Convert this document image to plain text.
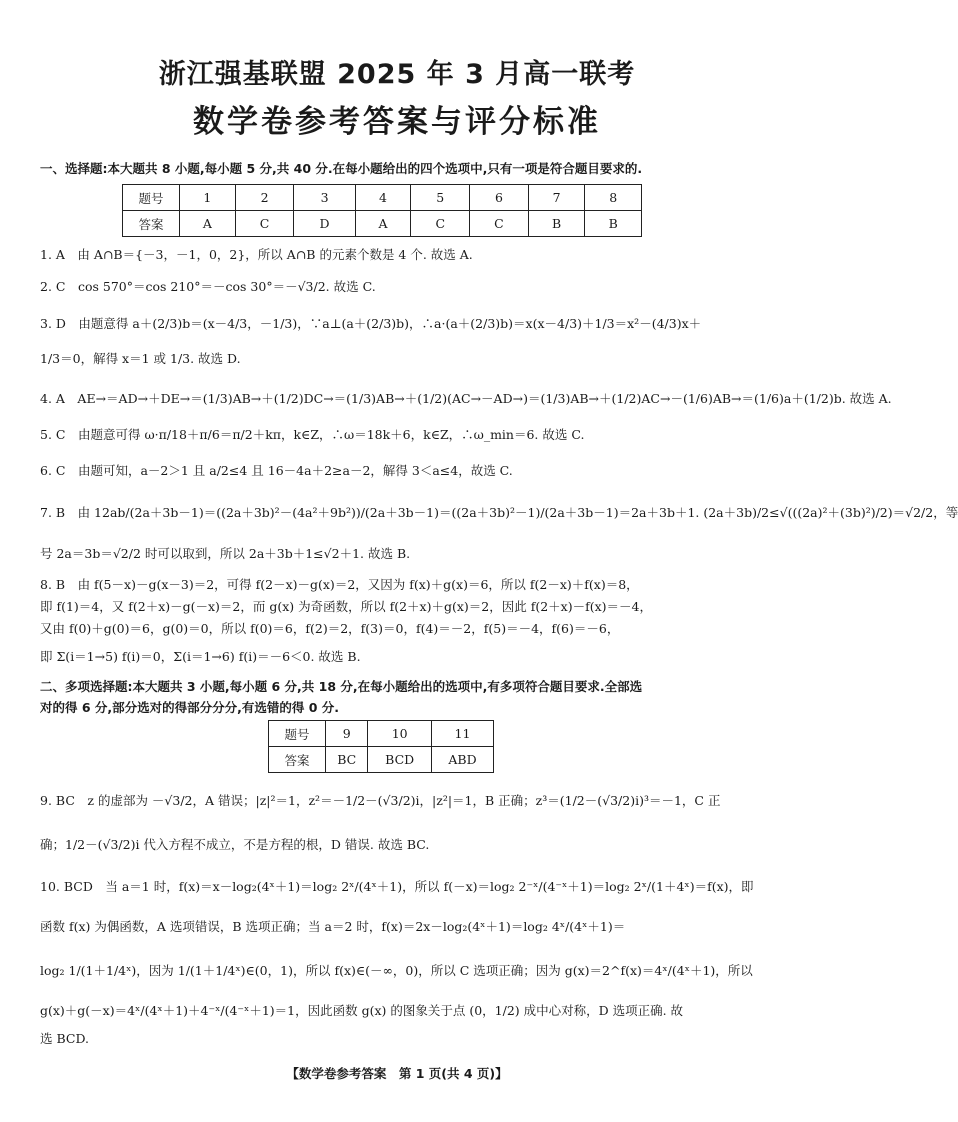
浙江强基联盟 2025 年 3 月高一联考
数学卷参考答案与评分标准
一、选择题:本大题共 8 小题,每小题 5 分,共 40 分.在每小题给出的四个选项中,只有一项是符合题目要求的.
题号	1	2	3	4	5	6	7	8
答案	A	C	D	A	C	C	B	B
1. A　由 A∩B＝{－3，－1，0，2}，所以 A∩B 的元素个数是 4 个. 故选 A.
2. C　cos 570°＝cos 210°＝－cos 30°＝－√3/2. 故选 C.
3. D　由题意得 a＋(2/3)b＝(x－4/3，－1/3)，∵a⊥(a＋(2/3)b)，∴a·(a＋(2/3)b)＝x(x－4/3)＋1/3＝x²－(4/3)x＋
1/3＝0，解得 x＝1 或 1/3. 故选 D.
4. A　AE→＝AD→＋DE→＝(1/3)AB→＋(1/2)DC→＝(1/3)AB→＋(1/2)(AC→－AD→)＝(1/3)AB→＋(1/2)AC→－(1/6)AB→＝(1/6)a＋(1/2)b. 故选 A.
5. C　由题意可得 ω·π/18＋π/6＝π/2＋kπ，k∈Z，∴ω＝18k＋6，k∈Z，∴ω_min＝6. 故选 C.
6. C　由题可知，a－2＞1 且 a/2≤4 且 16－4a＋2≥a－2，解得 3＜a≤4，故选 C.
7. B　由 12ab/(2a＋3b－1)＝((2a＋3b)²－(4a²＋9b²))/(2a＋3b－1)＝((2a＋3b)²－1)/(2a＋3b－1)＝2a＋3b＋1. (2a＋3b)/2≤√(((2a)²＋(3b)²)/2)＝√2/2，等
号 2a＝3b＝√2/2 时可以取到，所以 2a＋3b＋1≤√2＋1. 故选 B.
8. B　由 f(5－x)－g(x－3)＝2，可得 f(2－x)－g(x)＝2，又因为 f(x)＋g(x)＝6，所以 f(2－x)＋f(x)＝8，
即 f(1)＝4，又 f(2＋x)－g(－x)＝2，而 g(x) 为奇函数，所以 f(2＋x)＋g(x)＝2，因此 f(2＋x)－f(x)＝－4，
又由 f(0)＋g(0)＝6，g(0)＝0，所以 f(0)＝6，f(2)＝2，f(3)＝0，f(4)＝－2，f(5)＝－4，f(6)＝－6，
即 Σ(i＝1→5) f(i)＝0，Σ(i＝1→6) f(i)＝－6＜0. 故选 B.
二、多项选择题:本大题共 3 小题,每小题 6 分,共 18 分,在每小题给出的选项中,有多项符合题目要求.全部选
对的得 6 分,部分选对的得部分分分,有选错的得 0 分.
题号	9	10	11
答案	BC	BCD	ABD
9. BC　z 的虚部为 －√3/2，A 错误；|z|²＝1，z²＝－1/2－(√3/2)i，|z²|＝1，B 正确；z³＝(1/2－(√3/2)i)³＝－1，C 正
确；1/2－(√3/2)i 代入方程不成立，不是方程的根，D 错误. 故选 BC.
10. BCD　当 a＝1 时，f(x)＝x－log₂(4ˣ＋1)＝log₂ 2ˣ/(4ˣ＋1)，所以 f(－x)＝log₂ 2⁻ˣ/(4⁻ˣ＋1)＝log₂ 2ˣ/(1＋4ˣ)＝f(x)，即
函数 f(x) 为偶函数，A 选项错误，B 选项正确；当 a＝2 时，f(x)＝2x－log₂(4ˣ＋1)＝log₂ 4ˣ/(4ˣ＋1)＝
log₂ 1/(1＋1/4ˣ)，因为 1/(1＋1/4ˣ)∈(0，1)，所以 f(x)∈(－∞，0)，所以 C 选项正确；因为 g(x)＝2^f(x)＝4ˣ/(4ˣ＋1)，所以
g(x)＋g(－x)＝4ˣ/(4ˣ＋1)＋4⁻ˣ/(4⁻ˣ＋1)＝1，因此函数 g(x) 的图象关于点 (0，1/2) 成中心对称，D 选项正确. 故
选 BCD.
【数学卷参考答案　第 1 页(共 4 页)】
